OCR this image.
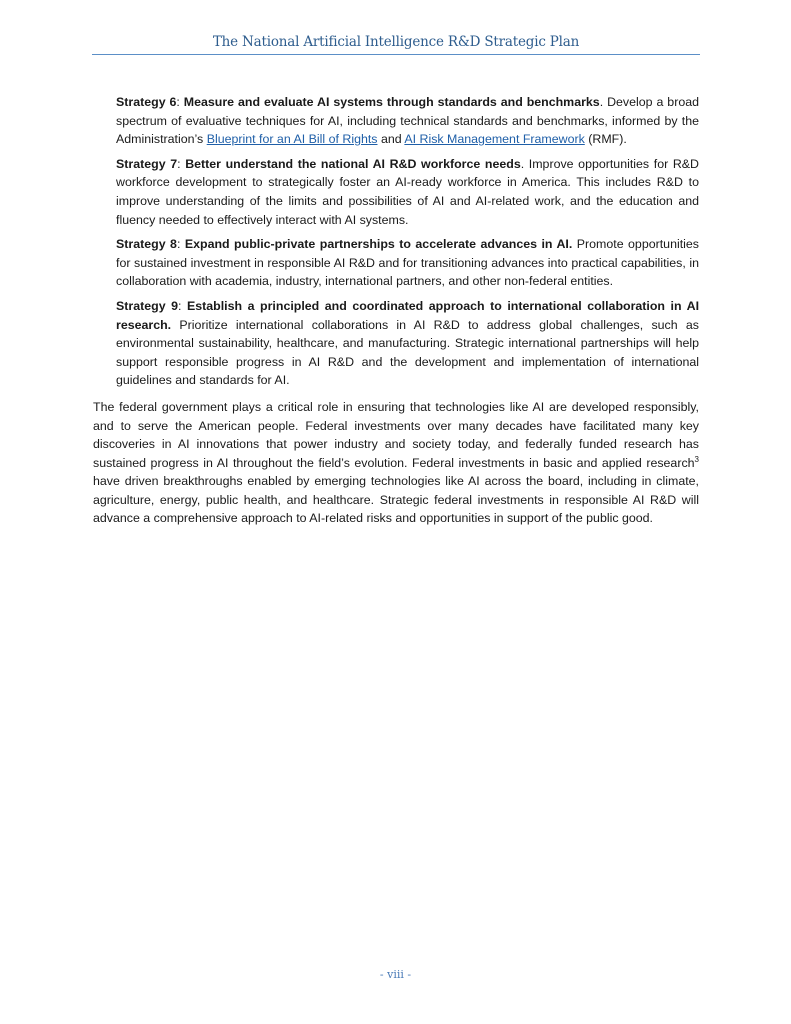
The National Artificial Intelligence R&D Strategic Plan

Strategy 6: Measure and evaluate AI systems through standards and benchmarks. Develop a broad spectrum of evaluative techniques for AI, including technical standards and benchmarks, informed by the Administration’s Blueprint for an AI Bill of Rights and AI Risk Management Framework (RMF).

Strategy 7: Better understand the national AI R&D workforce needs. Improve opportunities for R&D workforce development to strategically foster an AI-ready workforce in America. This includes R&D to improve understanding of the limits and possibilities of AI and AI-related work, and the education and fluency needed to effectively interact with AI systems.

Strategy 8: Expand public-private partnerships to accelerate advances in AI. Promote opportunities for sustained investment in responsible AI R&D and for transitioning advances into practical capabilities, in collaboration with academia, industry, international partners, and other non-federal entities.

Strategy 9: Establish a principled and coordinated approach to international collaboration in AI research. Prioritize international collaborations in AI R&D to address global challenges, such as environmental sustainability, healthcare, and manufacturing. Strategic international partnerships will help support responsible progress in AI R&D and the development and implementation of international guidelines and standards for AI.

The federal government plays a critical role in ensuring that technologies like AI are developed responsibly, and to serve the American people. Federal investments over many decades have facilitated many key discoveries in AI innovations that power industry and society today, and federally funded research has sustained progress in AI throughout the field’s evolution. Federal investments in basic and applied research$^3$ have driven breakthroughs enabled by emerging technologies like AI across the board, including in climate, agriculture, energy, public health, and healthcare. Strategic federal investments in responsible AI R&D will advance a comprehensive approach to AI-related risks and opportunities in support of the public good.

- viii -
